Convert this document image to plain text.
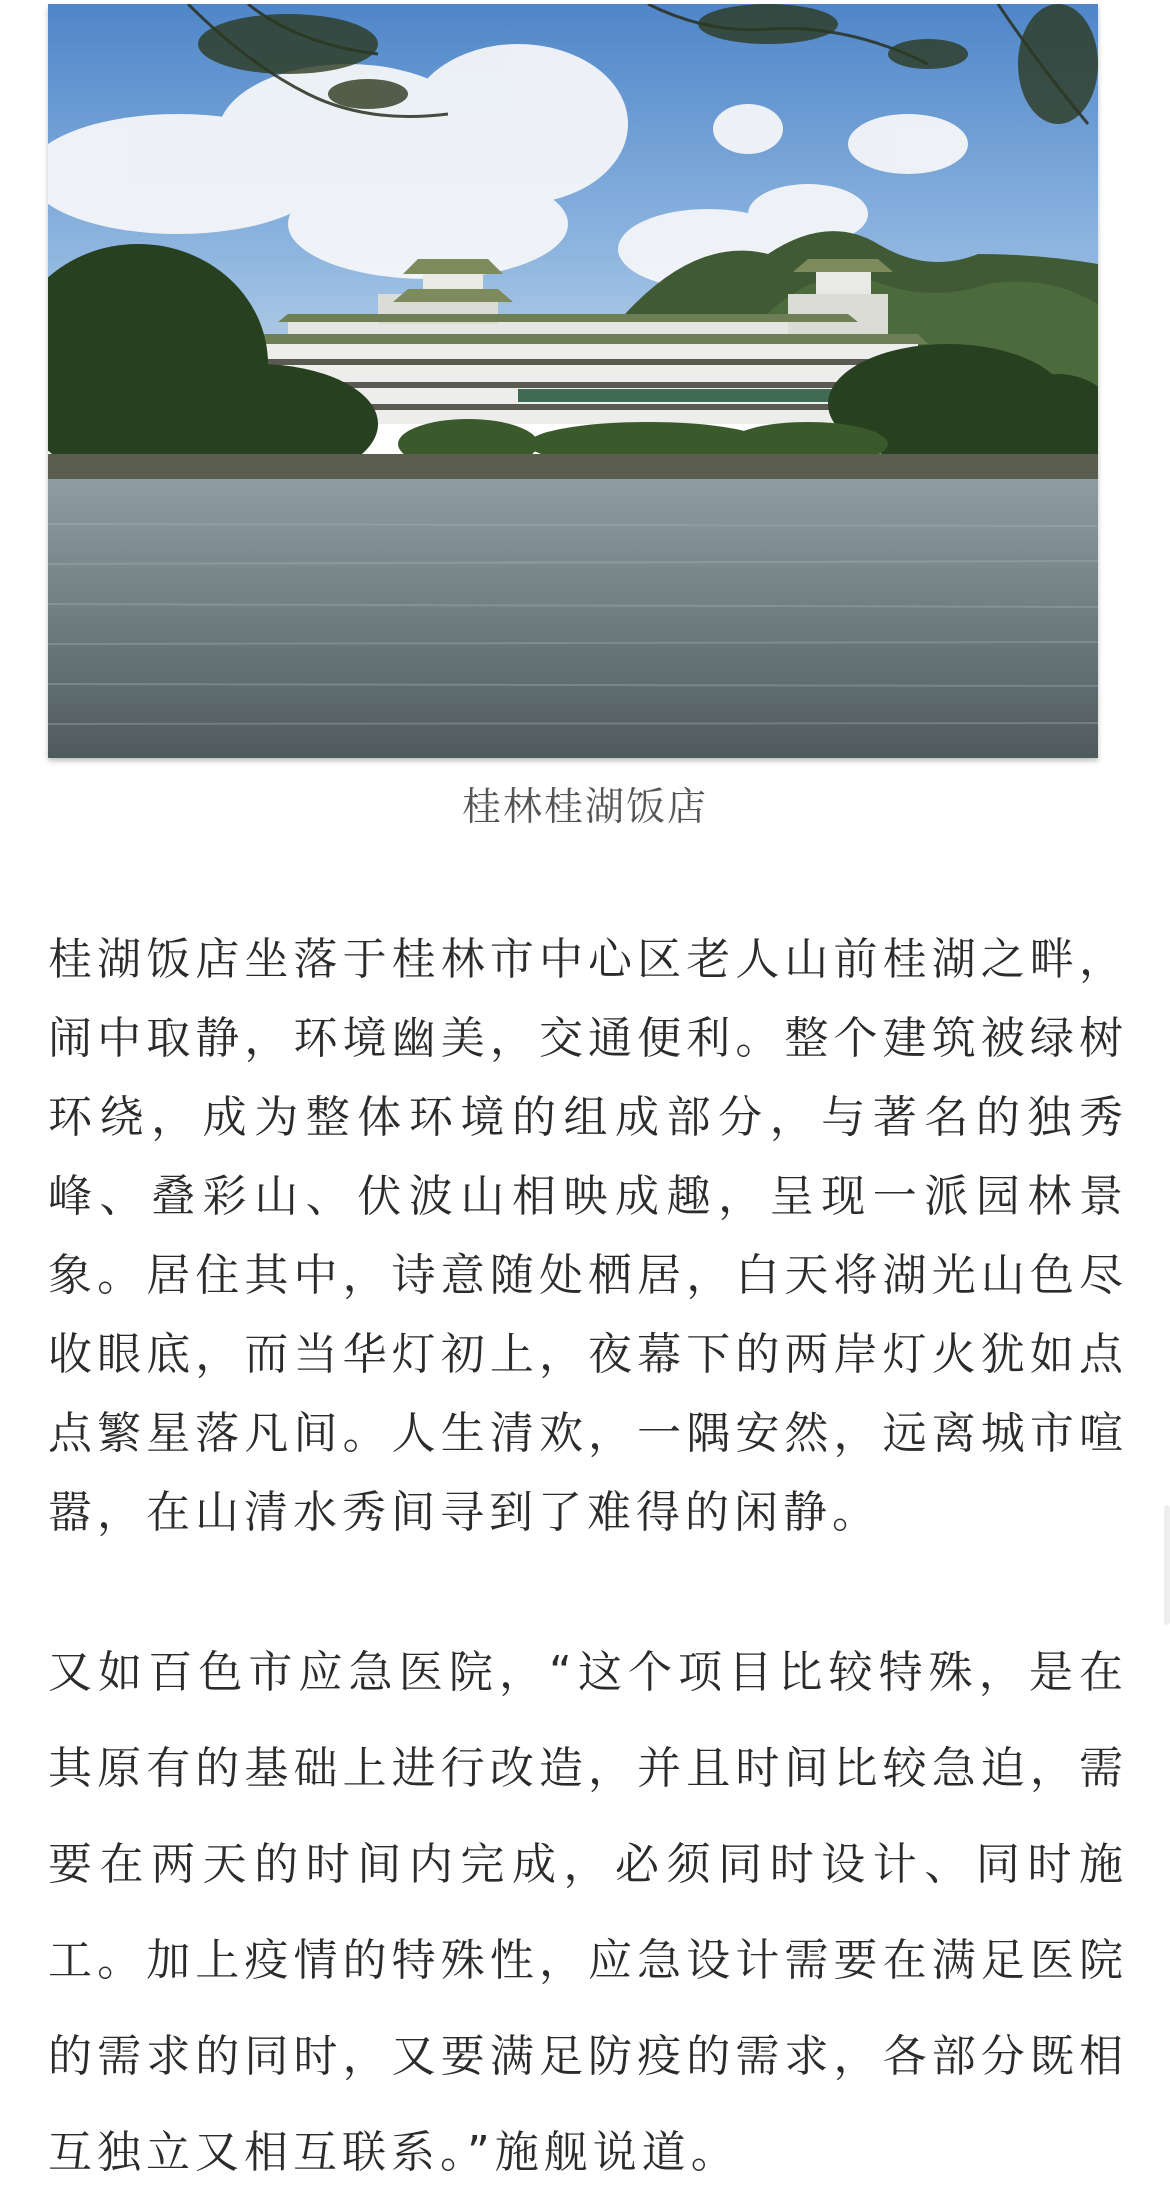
桂林桂湖饭店

桂湖饭店坐落于桂林市中心区老人山前桂湖之畔，闹中取静，环境幽美，交通便利。整个建筑被绿树环绕，成为整体环境的组成部分，与著名的独秀峰、叠彩山、伏波山相映成趣，呈现一派园林景象。居住其中，诗意随处栖居，白天将湖光山色尽收眼底，而当华灯初上，夜幕下的两岸灯火犹如点点繁星落凡间。人生清欢，一隅安然，远离城市喧嚣，在山清水秀间寻到了难得的闲静。

又如百色市应急医院，“这个项目比较特殊，是在其原有的基础上进行改造，并且时间比较急迫，需要在两天的时间内完成，必须同时设计、同时施工。加上疫情的特殊性，应急设计需要在满足医院的需求的同时，又要满足防疫的需求，各部分既相互独立又相互联系。”施舰说道。
